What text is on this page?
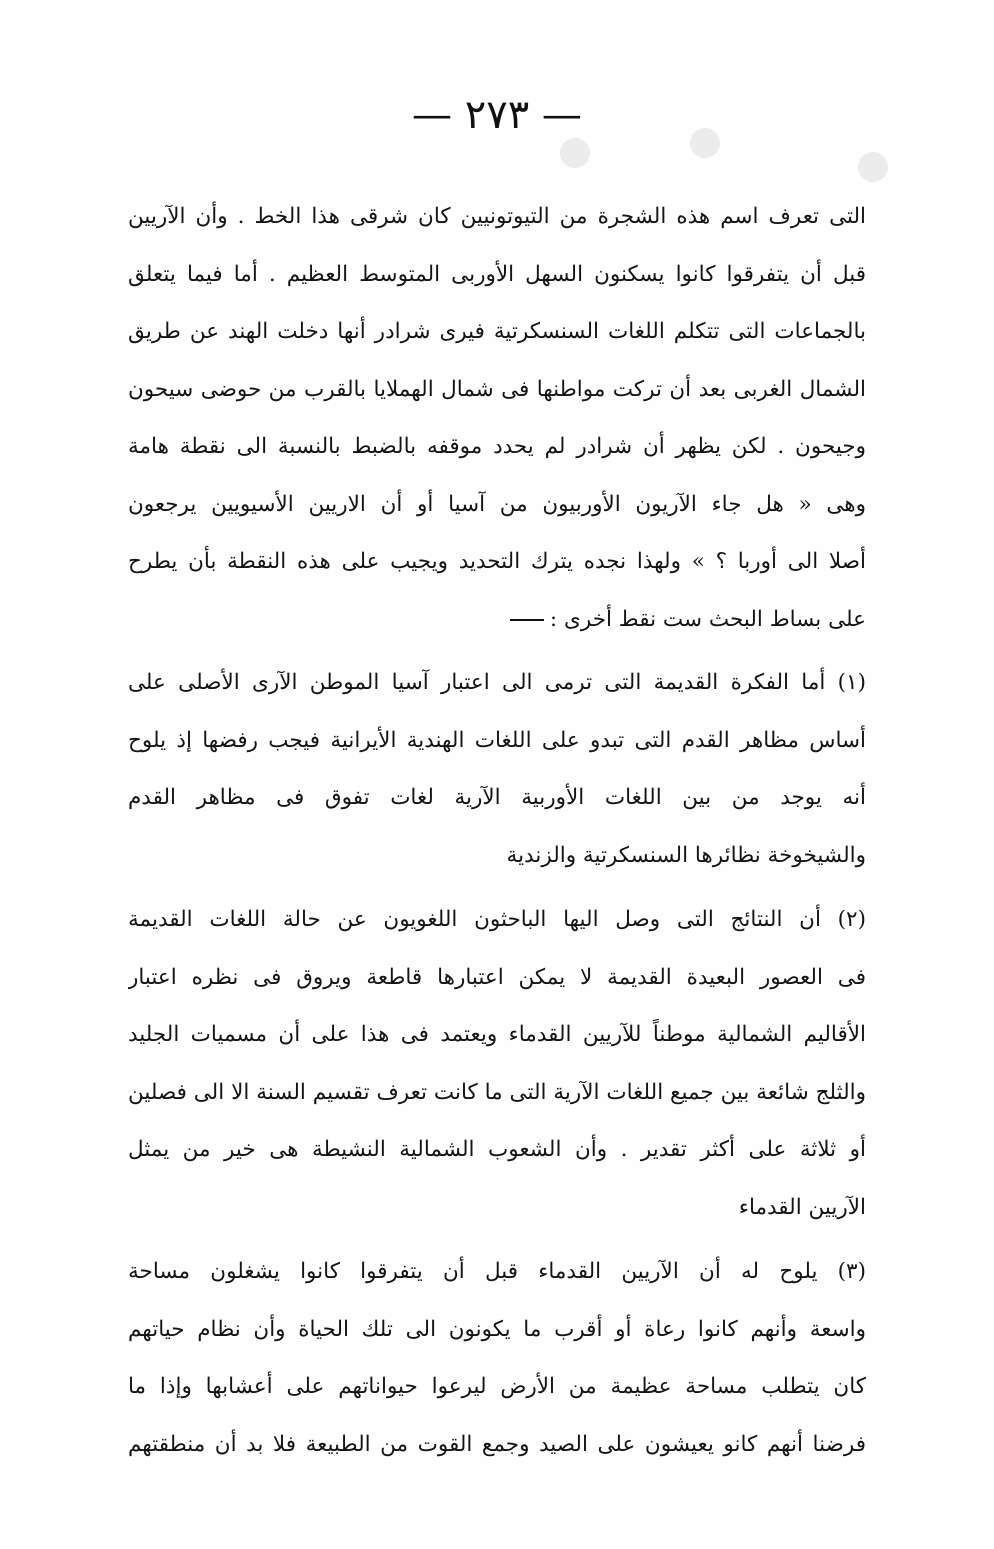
— ٢٧٣ —
التى تعرف اسم هذه الشجرة من التيوتونيين كان شرقى هذا الخط . وأن الآريين
قبل أن يتفرقوا كانوا يسكنون السهل الأوربى المتوسط العظيم . أما فيما يتعلق
بالجماعات التى تتكلم اللغات السنسكرتية فيرى شرادر أنها دخلت الهند عن طريق
الشمال الغربى بعد أن تركت مواطنها فى شمال الهملايا بالقرب من حوضى سيحون
وجيحون . لكن يظهر أن شرادر لم يحدد موقفه بالضبط بالنسبة الى نقطة هامة
وهى « هل جاء الآريون الأوربيون من آسيا أو أن الاريين الأسيويين يرجعون
أصلا الى أوربا ؟ » ولهذا نجده يترك التحديد ويجيب على هذه النقطة بأن يطرح
على بساط البحث ست نقط أخرى :
(١) أما الفكرة القديمة التى ترمى الى اعتبار آسيا الموطن الآرى الأصلى على
أساس مظاهر القدم التى تبدو على اللغات الهندية الأيرانية فيجب رفضها إذ يلوح
أنه يوجد من بين اللغات الأوربية الآرية لغات تفوق فى مظاهر القدم
والشيخوخة نظائرها السنسكرتية والزندية
(٢) أن النتائج التى وصل اليها الباحثون اللغويون عن حالة اللغات القديمة
فى العصور البعيدة القديمة لا يمكن اعتبارها قاطعة ويروق فى نظره اعتبار
الأقاليم الشمالية موطناً للآريين القدماء ويعتمد فى هذا على أن مسميات الجليد
والثلج شائعة بين جميع اللغات الآرية التى ما كانت تعرف تقسيم السنة الا الى فصلين
أو ثلاثة على أكثر تقدير . وأن الشعوب الشمالية النشيطة هى خير من يمثل
الآريين القدماء
(٣) يلوح له أن الآريين القدماء قبل أن يتفرقوا كانوا يشغلون مساحة
واسعة وأنهم كانوا رعاة أو أقرب ما يكونون الى تلك الحياة وأن نظام حياتهم
كان يتطلب مساحة عظيمة من الأرض ليرعوا حيواناتهم على أعشابها وإذا ما
فرضنا أنهم كانو يعيشون على الصيد وجمع القوت من الطبيعة فلا بد أن منطقتهم
